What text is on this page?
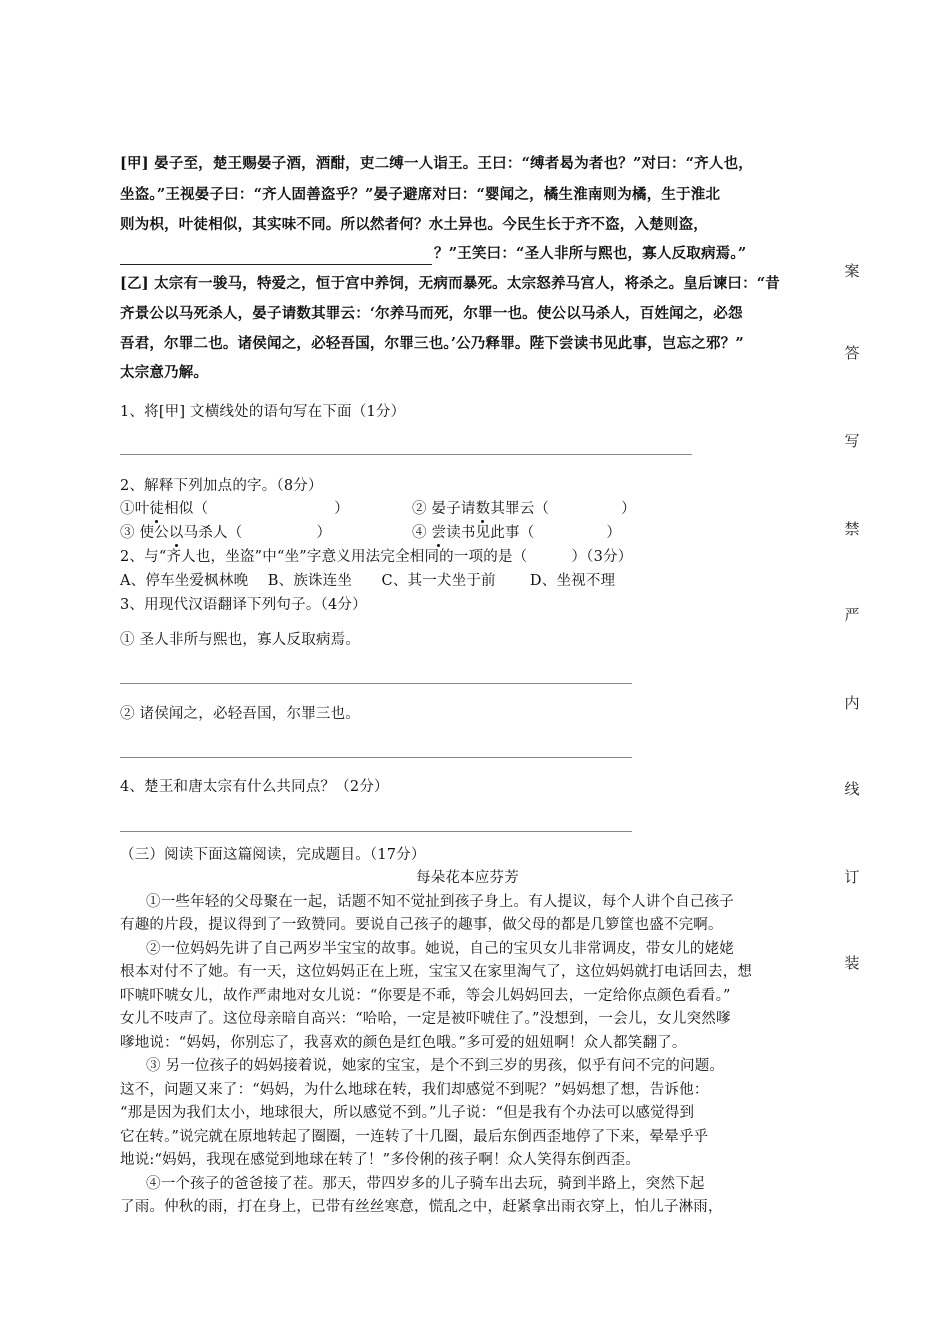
[甲] 晏子至，楚王赐晏子酒，酒酣，吏二缚一人诣王。王曰：“缚者曷为者也？”对曰：“齐人也，
坐盗。”王视晏子曰：“齐人固善盗乎？”晏子避席对曰：“婴闻之，橘生淮南则为橘，生于淮北
则为枳，叶徒相似，其实味不同。所以然者何？水土异也。今民生长于齐不盗，入楚则盗，
？”王笑曰：“圣人非所与熙也，寡人反取病焉。”
[乙] 太宗有一骏马，特爱之，恒于宫中养饲，无病而暴死。太宗怒养马宫人，将杀之。皇后谏曰：“昔
齐景公以马死杀人，晏子请数其罪云：‘尔养马而死，尔罪一也。使公以马杀人，百姓闻之，必怨
吾君，尔罪二也。诸侯闻之，必轻吾国，尔罪三也。’公乃释罪。陛下尝读书见此事，岂忘之邪？”
太宗意乃解。
1、将[甲] 文横线处的语句写在下面（1分）
2、解释下列加点的字。（8分）
①叶徒相似（	）	② 晏子请数其罪云（	）
③ 使公以马杀人（	）	④ 尝读书见此事（	）
2、与“齐人也，坐盗”中“坐”字意义用法完全相同的一项的是（　　　）（3分）
A、停车坐爱枫林晚　 B、族诛连坐　　C、其一犬坐于前　　 D、坐视不理
3、用现代汉语翻译下列句子。（4分）
① 圣人非所与熙也，寡人反取病焉。
② 诸侯闻之，必轻吾国，尔罪三也。
4、楚王和唐太宗有什么共同点？（2分）
（三）阅读下面这篇阅读，完成题目。（17分）
每朵花本应芬芳
①一些年轻的父母聚在一起，话题不知不觉扯到孩子身上。有人提议，每个人讲个自己孩子
有趣的片段，提议得到了一致赞同。要说自己孩子的趣事，做父母的都是几箩筐也盛不完啊。
②一位妈妈先讲了自己两岁半宝宝的故事。她说，自己的宝贝女儿非常调皮，带女儿的姥姥
根本对付不了她。有一天，这位妈妈正在上班，宝宝又在家里淘气了，这位妈妈就打电话回去，想
吓唬吓唬女儿，故作严肃地对女儿说：“你要是不乖，等会儿妈妈回去，一定给你点颜色看看。”
女儿不吱声了。这位母亲暗自高兴：“哈哈，一定是被吓唬住了。”没想到，一会儿，女儿突然嗲
嗲地说：“妈妈，你别忘了，我喜欢的颜色是红色哦。”多可爱的妞妞啊！众人都笑翻了。
③ 另一位孩子的妈妈接着说，她家的宝宝，是个不到三岁的男孩，似乎有问不完的问题。
这不，问题又来了：“妈妈，为什么地球在转，我们却感觉不到呢？”妈妈想了想，告诉他：
“那是因为我们太小，地球很大，所以感觉不到。”儿子说：“但是我有个办法可以感觉得到
它在转。”说完就在原地转起了圈圈，一连转了十几圈，最后东倒西歪地停了下来，晕晕乎乎
地说:“妈妈，我现在感觉到地球在转了！”多伶俐的孩子啊！众人笑得东倒西歪。
④一个孩子的爸爸接了茬。那天，带四岁多的儿子骑车出去玩，骑到半路上，突然下起
了雨。仲秋的雨，打在身上，已带有丝丝寒意，慌乱之中，赶紧拿出雨衣穿上，怕儿子淋雨，
案
答
写
禁
严
内
线
订
装
